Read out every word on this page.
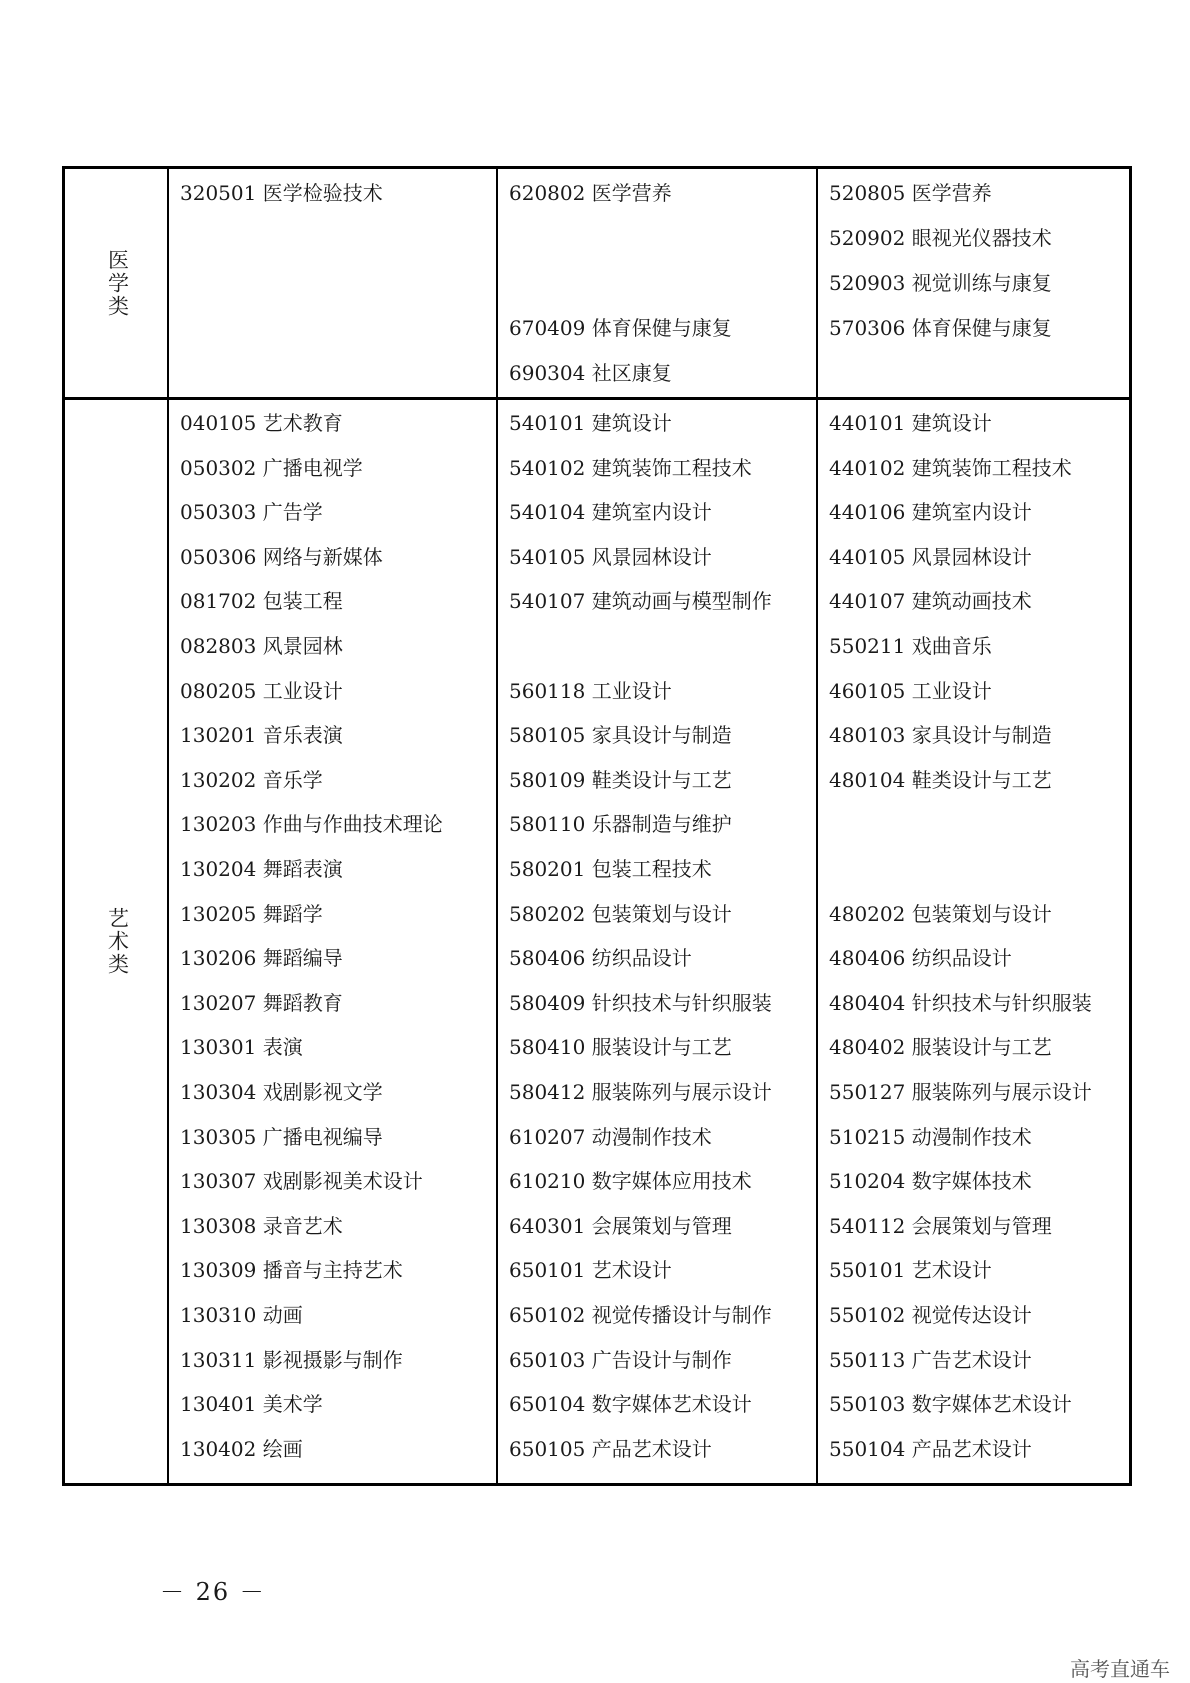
医学类
艺术类
320501 医学检验技术	620802 医学营养
670409 体育保健与康复
690304 社区康复
520805 医学营养
520902 眼视光仪器技术
520903 视觉训练与康复
570306 体育保健与康复
040105 艺术教育
050302 广播电视学
050303 广告学
050306 网络与新媒体
081702 包装工程
082803 风景园林
080205 工业设计
130201 音乐表演
130202 音乐学
130203 作曲与作曲技术理论
130204 舞蹈表演
130205 舞蹈学
130206 舞蹈编导
130207 舞蹈教育
130301 表演
130304 戏剧影视文学
130305 广播电视编导
130307 戏剧影视美术设计
130308 录音艺术
130309 播音与主持艺术
130310 动画
130311 影视摄影与制作
130401 美术学
130402 绘画
540101 建筑设计
540102 建筑装饰工程技术
540104 建筑室内设计
540105 风景园林设计
540107 建筑动画与模型制作
560118 工业设计
580105 家具设计与制造
580109 鞋类设计与工艺
580110 乐器制造与维护
580201 包装工程技术
580202 包装策划与设计
580406 纺织品设计
580409 针织技术与针织服装
580410 服装设计与工艺
580412 服装陈列与展示设计
610207 动漫制作技术
610210 数字媒体应用技术
640301 会展策划与管理
650101 艺术设计
650102 视觉传播设计与制作
650103 广告设计与制作
650104 数字媒体艺术设计
650105 产品艺术设计
440101 建筑设计
440102 建筑装饰工程技术
440106 建筑室内设计
440105 风景园林设计
440107 建筑动画技术
550211 戏曲音乐
460105 工业设计
480103 家具设计与制造
480104 鞋类设计与工艺
480202 包装策划与设计
480406 纺织品设计
480404 针织技术与针织服装
480402 服装设计与工艺
550127 服装陈列与展示设计
510215 动漫制作技术
510204 数字媒体技术
540112 会展策划与管理
550101 艺术设计
550102 视觉传达设计
550113 广告艺术设计
550103 数字媒体艺术设计
550104 产品艺术设计
－ 26 －
高考直通车
